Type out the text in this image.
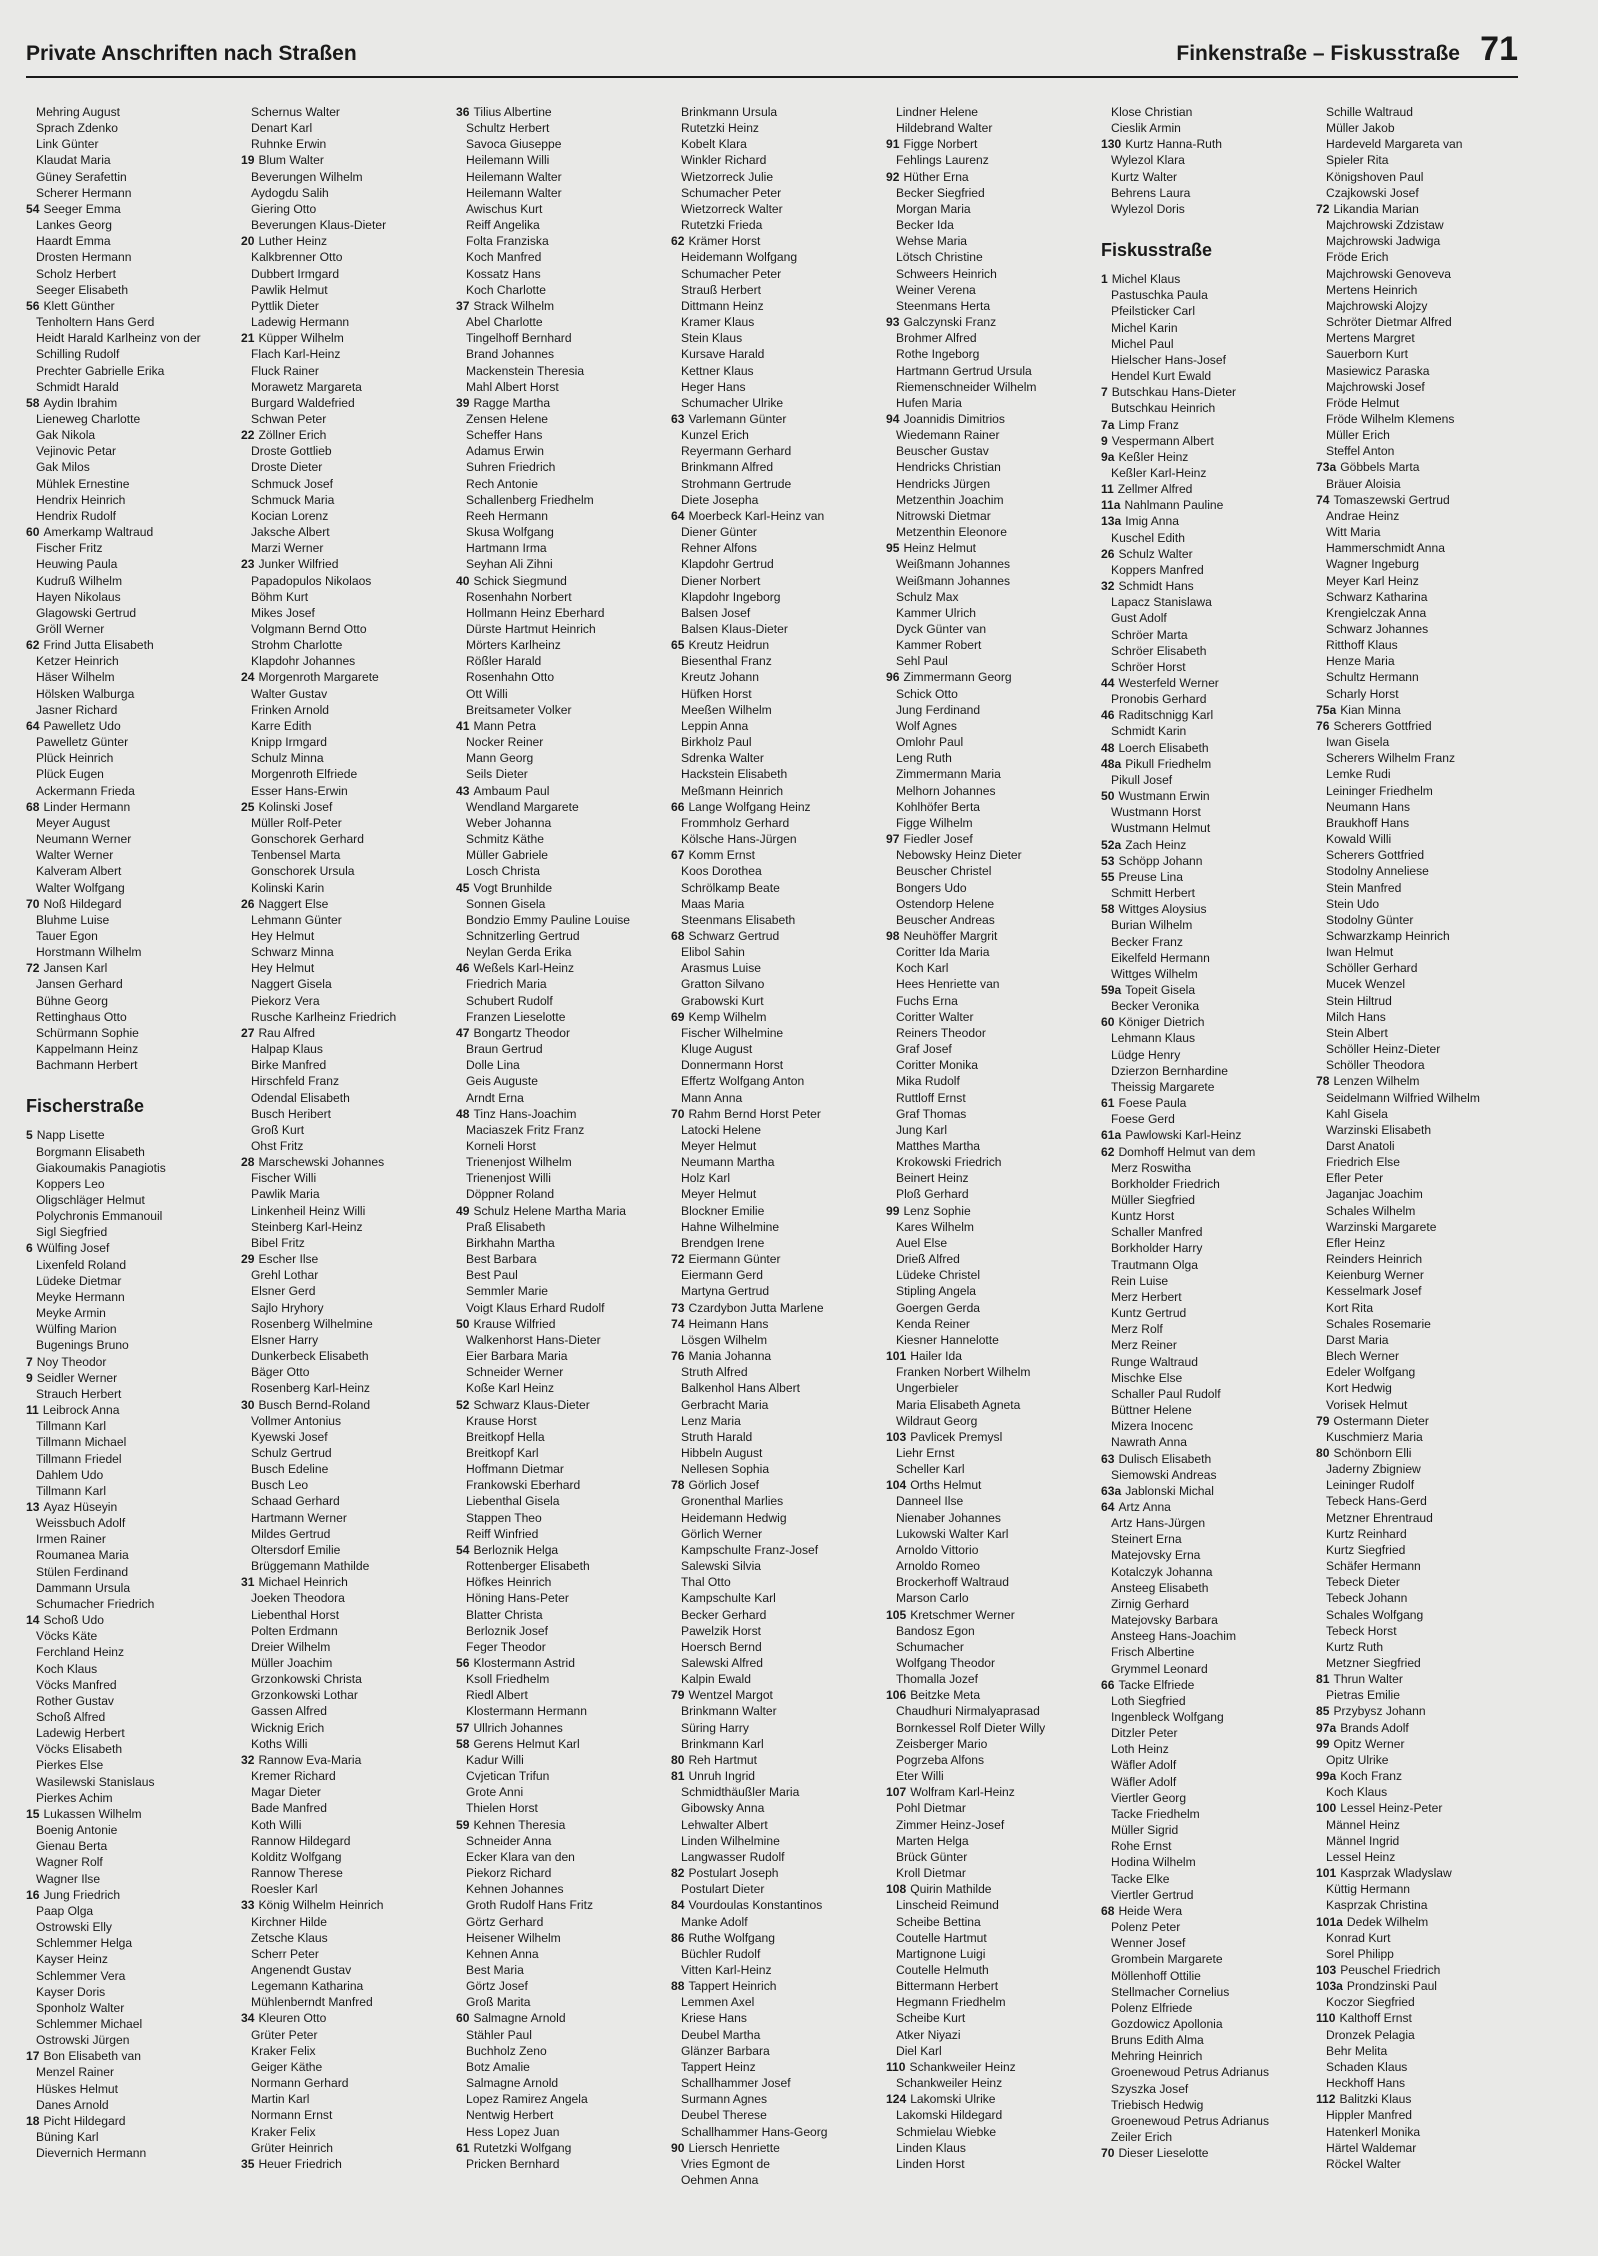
Private Anschriften nach Straßen	Finkenstraße – Fiskusstraße 71
Mehring August
Sprach Zdenko
Link Günter
Klaudat Maria
Güney Serafettin
Scherer Hermann
54 Seeger Emma
Lankes Georg
Haardt Emma
Drosten Hermann
Scholz Herbert
Seeger Elisabeth
56 Klett Günther
Tenholtern Hans Gerd
Heidt Harald Karlheinz von der
Schilling Rudolf
Prechter Gabrielle Erika
Schmidt Harald
58 Aydin Ibrahim
Lieneweg Charlotte
Gak Nikola
Vejinovic Petar
Gak Milos
Mühlek Ernestine
Hendrix Heinrich
Hendrix Rudolf
60 Amerkamp Waltraud
Fischer Fritz
Heuwing Paula
Kudruß Wilhelm
Hayen Nikolaus
Glagowski Gertrud
Gröll Werner
62 Frind Jutta Elisabeth
Ketzer Heinrich
Häser Wilhelm
Hölsken Walburga
Jasner Richard
64 Pawelletz Udo
Pawelletz Günter
Plück Heinrich
Plück Eugen
Ackermann Frieda
68 Linder Hermann
Meyer August
Neumann Werner
Walter Werner
Kalveram Albert
Walter Wolfgang
70 Noß Hildegard
Bluhme Luise
Tauer Egon
Horstmann Wilhelm
72 Jansen Karl
Jansen Gerhard
Bühne Georg
Rettinghaus Otto
Schürmann Sophie
Kappelmann Heinz
Bachmann Herbert
Fischerstraße
5 Napp Lisette
Borgmann Elisabeth
Giakoumakis Panagiotis
Koppers Leo
Oligschläger Helmut
Polychronis Emmanouil
Sigl Siegfried
6 Wülfing Josef
Lixenfeld Roland
Lüdeke Dietmar
Meyke Hermann
Meyke Armin
Wülfing Marion
Bugenings Bruno
7 Noy Theodor
9 Seidler Werner
Strauch Herbert
11 Leibrock Anna
Tillmann Karl
Tillmann Michael
Tillmann Friedel
Dahlem Udo
Tillmann Karl
13 Ayaz Hüseyin
Weissbuch Adolf
Irmen Rainer
Roumanea Maria
Stülen Ferdinand
Dammann Ursula
Schumacher Friedrich
14 Schoß Udo
Vöcks Käte
Ferchland Heinz
Koch Klaus
Vöcks Manfred
Rother Gustav
Schoß Alfred
Ladewig Herbert
Vöcks Elisabeth
Pierkes Else
Wasilewski Stanislaus
Pierkes Achim
15 Lukassen Wilhelm
Boenig Antonie
Gienau Berta
Wagner Rolf
Wagner Ilse
16 Jung Friedrich
Paap Olga
Ostrowski Elly
Schlemmer Helga
Kayser Heinz
Schlemmer Vera
Kayser Doris
Sponholz Walter
Schlemmer Michael
Ostrowski Jürgen
17 Bon Elisabeth van
Menzel Rainer
Hüskes Helmut
Danes Arnold
18 Picht Hildegard
Büning Karl
Dievernich Hermann
Schernus Walter
Denart Karl
Ruhnke Erwin
19 Blum Walter
Beverungen Wilhelm
Aydogdu Salih
Giering Otto
Beverungen Klaus-Dieter
20 Luther Heinz
Kalkbrenner Otto
Dubbert Irmgard
Pawlik Helmut
Pyttlik Dieter
Ladewig Hermann
21 Küpper Wilhelm
Flach Karl-Heinz
Fluck Rainer
Morawetz Margareta
Burgard Waldefried
Schwan Peter
22 Zöllner Erich
Droste Gottlieb
Droste Dieter
Schmuck Josef
Schmuck Maria
Kocian Lorenz
Jaksche Albert
Marzi Werner
23 Junker Wilfried
Papadopulos Nikolaos
Böhm Kurt
Mikes Josef
Volgmann Bernd Otto
Strohm Charlotte
Klapdohr Johannes
24 Morgenroth Margarete
Walter Gustav
Frinken Arnold
Karre Edith
Knipp Irmgard
Schulz Minna
Morgenroth Elfriede
Esser Hans-Erwin
25 Kolinski Josef
Müller Rolf-Peter
Gonschorek Gerhard
Tenbensel Marta
Gonschorek Ursula
Kolinski Karin
26 Naggert Else
Lehmann Günter
Hey Helmut
Schwarz Minna
Hey Helmut
Naggert Gisela
Piekorz Vera
Rusche Karlheinz Friedrich
27 Rau Alfred
Halpap Klaus
Birke Manfred
Hirschfeld Franz
Odendal Elisabeth
Busch Heribert
Groß Kurt
Ohst Fritz
28 Marschewski Johannes
Fischer Willi
Pawlik Maria
Linkenheil Heinz Willi
Steinberg Karl-Heinz
Bibel Fritz
29 Escher Ilse
Grehl Lothar
Elsner Gerd
Sajlo Hryhory
Rosenberg Wilhelmine
Elsner Harry
Dunkerbeck Elisabeth
Bäger Otto
Rosenberg Karl-Heinz
30 Busch Bernd-Roland
Vollmer Antonius
Kyewski Josef
Schulz Gertrud
Busch Edeline
Busch Leo
Schaad Gerhard
Hartmann Werner
Mildes Gertrud
Oltersdorf Emilie
Brüggemann Mathilde
31 Michael Heinrich
Joeken Theodora
Liebenthal Horst
Polten Erdmann
Dreier Wilhelm
Müller Joachim
Grzonkowski Christa
Grzonkowski Lothar
Gassen Alfred
Wicknig Erich
Koths Willi
32 Rannow Eva-Maria
Kremer Richard
Magar Dieter
Bade Manfred
Koth Willi
Rannow Hildegard
Kolditz Wolfgang
Rannow Therese
Roesler Karl
33 König Wilhelm Heinrich
Kirchner Hilde
Zetsche Klaus
Scherr Peter
Angenendt Gustav
Legemann Katharina
Mühlenberndt Manfred
34 Kleuren Otto
Grüter Peter
Kraker Felix
Geiger Käthe
Normann Gerhard
Martin Karl
Normann Ernst
Kraker Felix
Grüter Heinrich
35 Heuer Friedrich
36 Tilius Albertine
Schultz Herbert
Savoca Giuseppe
Heilemann Willi
Heilemann Walter
Heilemann Walter
Awischus Kurt
Reiff Angelika
Folta Franziska
Koch Manfred
Kossatz Hans
Koch Charlotte
37 Strack Wilhelm
Abel Charlotte
Tingelhoff Bernhard
Brand Johannes
Mackenstein Theresia
Mahl Albert Horst
39 Ragge Martha
Zensen Helene
Scheffer Hans
Adamus Erwin
Suhren Friedrich
Rech Antonie
Schallenberg Friedhelm
Reeh Hermann
Skusa Wolfgang
Hartmann Irma
Seyhan Ali Zihni
40 Schick Siegmund
Rosenhahn Norbert
Hollmann Heinz Eberhard
Dürste Hartmut Heinrich
Mörters Karlheinz
Rößler Harald
Rosenhahn Otto
Ott Willi
Breitsameter Volker
41 Mann Petra
Nocker Reiner
Mann Georg
Seils Dieter
43 Ambaum Paul
Wendland Margarete
Weber Johanna
Schmitz Käthe
Müller Gabriele
Losch Christa
45 Vogt Brunhilde
Sonnen Gisela
Bondzio Emmy Pauline Louise
Schnitzerling Gertrud
Neylan Gerda Erika
46 Weßels Karl-Heinz
Friedrich Maria
Schubert Rudolf
Franzen Lieselotte
47 Bongartz Theodor
Braun Gertrud
Dolle Lina
Geis Auguste
Arndt Erna
48 Tinz Hans-Joachim
Maciaszek Fritz Franz
Korneli Horst
Trienenjost Wilhelm
Trienenjost Willi
Döppner Roland
49 Schulz Helene Martha Maria
Praß Elisabeth
Birkhahn Martha
Best Barbara
Best Paul
Semmler Marie
Voigt Klaus Erhard Rudolf
50 Krause Wilfried
Walkenhorst Hans-Dieter
Eier Barbara Maria
Schneider Werner
Koße Karl Heinz
52 Schwarz Klaus-Dieter
Krause Horst
Breitkopf Hella
Breitkopf Karl
Hoffmann Dietmar
Frankowski Eberhard
Liebenthal Gisela
Stappen Theo
Reiff Winfried
54 Berloznik Helga
Rottenberger Elisabeth
Höfkes Heinrich
Höning Hans-Peter
Blatter Christa
Berloznik Josef
Feger Theodor
56 Klostermann Astrid
Ksoll Friedhelm
Riedl Albert
Klostermann Hermann
57 Ullrich Johannes
58 Gerens Helmut Karl
Kadur Willi
Cvjetican Trifun
Grote Anni
Thielen Horst
59 Kehnen Theresia
Schneider Anna
Ecker Klara van den
Piekorz Richard
Kehnen Johannes
Groth Rudolf Hans Fritz
Görtz Gerhard
Heisener Wilhelm
Kehnen Anna
Best Maria
Görtz Josef
Groß Marita
60 Salmagne Arnold
Stähler Paul
Buchholz Zeno
Botz Amalie
Salmagne Arnold
Lopez Ramirez Angela
Nentwig Herbert
Hess Lopez Juan
61 Rutetzki Wolfgang
Pricken Bernhard
Brinkmann Ursula
Rutetzki Heinz
Kobelt Klara
Winkler Richard
Wietzorreck Julie
Schumacher Peter
Wietzorreck Walter
Rutetzki Frieda
62 Krämer Horst
Heidemann Wolfgang
Schumacher Peter
Strauß Herbert
Dittmann Heinz
Kramer Klaus
Stein Klaus
Kursave Harald
Kettner Klaus
Heger Hans
Schumacher Ulrike
63 Varlemann Günter
Kunzel Erich
Reyermann Gerhard
Brinkmann Alfred
Strohmann Gertrude
Diete Josepha
64 Moerbeck Karl-Heinz van
Diener Günter
Rehner Alfons
Klapdohr Gertrud
Diener Norbert
Klapdohr Ingeborg
Balsen Josef
Balsen Klaus-Dieter
65 Kreutz Heidrun
Biesenthal Franz
Kreutz Johann
Hüfken Horst
Meeßen Wilhelm
Leppin Anna
Birkholz Paul
Sdrenka Walter
Hackstein Elisabeth
Meßmann Heinrich
66 Lange Wolfgang Heinz
Frommholz Gerhard
Kölsche Hans-Jürgen
67 Komm Ernst
Koos Dorothea
Schrölkamp Beate
Maas Maria
Steenmans Elisabeth
68 Schwarz Gertrud
Elibol Sahin
Arasmus Luise
Gratton Silvano
Grabowski Kurt
69 Kemp Wilhelm
Fischer Wilhelmine
Kluge August
Donnermann Horst
Effertz Wolfgang Anton
Mann Anna
70 Rahm Bernd Horst Peter
Latocki Helene
Meyer Helmut
Neumann Martha
Holz Karl
Meyer Helmut
Blockner Emilie
Hahne Wilhelmine
Brendgen Irene
72 Eiermann Günter
Eiermann Gerd
Martyna Gertrud
73 Czardybon Jutta Marlene
74 Heimann Hans
Lösgen Wilhelm
76 Mania Johanna
Struth Alfred
Balkenhol Hans Albert
Gerbracht Maria
Lenz Maria
Struth Harald
Hibbeln August
Nellesen Sophia
78 Görlich Josef
Gronenthal Marlies
Heidemann Hedwig
Görlich Werner
Kampschulte Franz-Josef
Salewski Silvia
Thal Otto
Kampschulte Karl
Becker Gerhard
Pawelzik Horst
Hoersch Bernd
Salewski Alfred
Kalpin Ewald
79 Wentzel Margot
Brinkmann Walter
Süring Harry
Brinkmann Karl
80 Reh Hartmut
81 Unruh Ingrid
Schmidthäußler Maria
Gibowsky Anna
Lehwalter Albert
Linden Wilhelmine
Langwasser Rudolf
82 Postulart Joseph
Postulart Dieter
84 Vourdoulas Konstantinos
Manke Adolf
86 Ruthe Wolfgang
Büchler Rudolf
Vitten Karl-Heinz
88 Tappert Heinrich
Lemmen Axel
Kriese Hans
Deubel Martha
Glänzer Barbara
Tappert Heinz
Schallhammer Josef
Surmann Agnes
Deubel Therese
Schallhammer Hans-Georg
90 Liersch Henriette
Vries Egmont de
Oehmen Anna
Lindner Helene
Hildebrand Walter
91 Figge Norbert
Fehlings Laurenz
92 Hüther Erna
Becker Siegfried
Morgan Maria
Becker Ida
Wehse Maria
Lötsch Christine
Schweers Heinrich
Weiner Verena
Steenmans Herta
93 Galczynski Franz
Brohmer Alfred
Rothe Ingeborg
Hartmann Gertrud Ursula
Riemenschneider Wilhelm
Hufen Maria
94 Joannidis Dimitrios
Wiedemann Rainer
Beuscher Gustav
Hendricks Christian
Hendricks Jürgen
Metzenthin Joachim
Nitrowski Dietmar
Metzenthin Eleonore
95 Heinz Helmut
Weißmann Johannes
Weißmann Johannes
Schulz Max
Kammer Ulrich
Dyck Günter van
Kammer Robert
Sehl Paul
96 Zimmermann Georg
Schick Otto
Jung Ferdinand
Wolf Agnes
Omlohr Paul
Leng Ruth
Zimmermann Maria
Melhorn Johannes
Kohlhöfer Berta
Figge Wilhelm
97 Fiedler Josef
Nebowsky Heinz Dieter
Beuscher Christel
Bongers Udo
Ostendorp Helene
Beuscher Andreas
98 Neuhöffer Margrit
Coritter Ida Maria
Koch Karl
Hees Henriette van
Fuchs Erna
Coritter Walter
Reiners Theodor
Graf Josef
Coritter Monika
Mika Rudolf
Ruttloff Ernst
Graf Thomas
Jung Karl
Matthes Martha
Krokowski Friedrich
Beinert Heinz
Ploß Gerhard
99 Lenz Sophie
Kares Wilhelm
Auel Else
Drieß Alfred
Lüdeke Christel
Stipling Angela
Goergen Gerda
Kenda Reiner
Kiesner Hannelotte
101 Hailer Ida
Franken Norbert Wilhelm
Ungerbieler
Maria Elisabeth Agneta
Wildraut Georg
103 Pavlicek Premysl
Liehr Ernst
Scheller Karl
104 Orths Helmut
Danneel Ilse
Nienaber Johannes
Lukowski Walter Karl
Arnoldo Vittorio
Arnoldo Romeo
Brockerhoff Waltraud
Marson Carlo
105 Kretschmer Werner
Bandosz Egon
Schumacher
Wolfgang Theodor
Thomalla Jozef
106 Beitzke Meta
Chaudhuri Nirmalyaprasad
Bornkessel Rolf Dieter Willy
Zeisberger Mario
Pogrzeba Alfons
Eter Willi
107 Wolfram Karl-Heinz
Pohl Dietmar
Zimmer Heinz-Josef
Marten Helga
Brück Günter
Kroll Dietmar
108 Quirin Mathilde
Linscheid Reimund
Scheibe Bettina
Coutelle Hartmut
Martignone Luigi
Coutelle Helmuth
Bittermann Herbert
Hegmann Friedhelm
Scheibe Kurt
Atker Niyazi
Diel Karl
110 Schankweiler Heinz
Schankweiler Heinz
124 Lakomski Ulrike
Lakomski Hildegard
Schmielau Wiebke
Linden Klaus
Linden Horst
Klose Christian
Cieslik Armin
130 Kurtz Hanna-Ruth
Wylezol Klara
Kurtz Walter
Behrens Laura
Wylezol Doris
Fiskusstraße
1 Michel Klaus
Pastuschka Paula
Pfeilsticker Carl
Michel Karin
Michel Paul
Hielscher Hans-Josef
Hendel Kurt Ewald
7 Butschkau Hans-Dieter
Butschkau Heinrich
7a Limp Franz
9 Vespermann Albert
9a Keßler Heinz
Keßler Karl-Heinz
11 Zellmer Alfred
11a Nahlmann Pauline
13a Imig Anna
Kuschel Edith
26 Schulz Walter
Koppers Manfred
32 Schmidt Hans
Lapacz Stanislawa
Gust Adolf
Schröer Marta
Schröer Elisabeth
Schröer Horst
44 Westerfeld Werner
Pronobis Gerhard
46 Raditschnigg Karl
Schmidt Karin
48 Loerch Elisabeth
48a Pikull Friedhelm
Pikull Josef
50 Wustmann Erwin
Wustmann Horst
Wustmann Helmut
52a Zach Heinz
53 Schöpp Johann
55 Preuse Lina
Schmitt Herbert
58 Wittges Aloysius
Burian Wilhelm
Becker Franz
Eikelfeld Hermann
Wittges Wilhelm
59a Topeit Gisela
Becker Veronika
60 Königer Dietrich
Lehmann Klaus
Lüdge Henry
Dzierzon Bernhardine
Theissig Margarete
61 Foese Paula
Foese Gerd
61a Pawlowski Karl-Heinz
62 Domhoff Helmut van dem
Merz Roswitha
Borkholder Friedrich
Müller Siegfried
Kuntz Horst
Schaller Manfred
Borkholder Harry
Trautmann Olga
Rein Luise
Merz Herbert
Kuntz Gertrud
Merz Rolf
Merz Reiner
Runge Waltraud
Mischke Else
Schaller Paul Rudolf
Büttner Helene
Mizera Inocenc
Nawrath Anna
63 Dulisch Elisabeth
Siemowski Andreas
63a Jablonski Michal
64 Artz Anna
Artz Hans-Jürgen
Steinert Erna
Matejovsky Erna
Kotalczyk Johanna
Ansteeg Elisabeth
Zirnig Gerhard
Matejovsky Barbara
Ansteeg Hans-Joachim
Frisch Albertine
Grymmel Leonard
66 Tacke Elfriede
Loth Siegfried
Ingenbleck Wolfgang
Ditzler Peter
Loth Heinz
Wäfler Adolf
Wäfler Adolf
Viertler Georg
Tacke Friedhelm
Müller Sigrid
Rohe Ernst
Hodina Wilhelm
Tacke Elke
Viertler Gertrud
68 Heide Wera
Polenz Peter
Wenner Josef
Grombein Margarete
Möllenhoff Ottilie
Stellmacher Cornelius
Polenz Elfriede
Gozdowicz Apollonia
Bruns Edith Alma
Mehring Heinrich
Groenewoud Petrus Adrianus
Szyszka Josef
Triebisch Hedwig
Groenewoud Petrus Adrianus
Zeiler Erich
70 Dieser Lieselotte
Schille Waltraud
Müller Jakob
Hardeveld Margareta van
Spieler Rita
Königshoven Paul
Czajkowski Josef
72 Likandia Marian
Majchrowski Zdzistaw
Majchrowski Jadwiga
Fröde Erich
Majchrowski Genoveva
Mertens Heinrich
Majchrowski Alojzy
Schröter Dietmar Alfred
Mertens Margret
Sauerborn Kurt
Masiewicz Paraska
Majchrowski Josef
Fröde Helmut
Fröde Wilhelm Klemens
Müller Erich
Steffel Anton
73a Göbbels Marta
Bräuer Aloisia
74 Tomaszewski Gertrud
Andrae Heinz
Witt Maria
Hammerschmidt Anna
Wagner Ingeburg
Meyer Karl Heinz
Schwarz Katharina
Krengielczak Anna
Schwarz Johannes
Ritthoff Klaus
Henze Maria
Schultz Hermann
Scharly Horst
75a Kian Minna
76 Scherers Gottfried
Iwan Gisela
Scherers Wilhelm Franz
Lemke Rudi
Leininger Friedhelm
Neumann Hans
Braukhoff Hans
Kowald Willi
Scherers Gottfried
Stodolny Anneliese
Stein Manfred
Stein Udo
Stodolny Günter
Schwarzkamp Heinrich
Iwan Helmut
Schöller Gerhard
Mucek Wenzel
Stein Hiltrud
Milch Hans
Stein Albert
Schöller Heinz-Dieter
Schöller Theodora
78 Lenzen Wilhelm
Seidelmann Wilfried Wilhelm
Kahl Gisela
Warzinski Elisabeth
Darst Anatoli
Friedrich Else
Efler Peter
Jaganjac Joachim
Schales Wilhelm
Warzinski Margarete
Efler Heinz
Reinders Heinrich
Keienburg Werner
Kesselmark Josef
Kort Rita
Schales Rosemarie
Darst Maria
Blech Werner
Edeler Wolfgang
Kort Hedwig
Vorisek Helmut
79 Ostermann Dieter
Kuschmierz Maria
80 Schönborn Elli
Jaderny Zbigniew
Leininger Rudolf
Tebeck Hans-Gerd
Metzner Ehrentraud
Kurtz Reinhard
Kurtz Siegfried
Schäfer Hermann
Tebeck Dieter
Tebeck Johann
Schales Wolfgang
Tebeck Horst
Kurtz Ruth
Metzner Siegfried
81 Thrun Walter
Pietras Emilie
85 Przybysz Johann
97a Brands Adolf
99 Opitz Werner
Opitz Ulrike
99a Koch Franz
Koch Klaus
100 Lessel Heinz-Peter
Männel Heinz
Männel Ingrid
Lessel Heinz
101 Kasprzak Wladyslaw
Küttig Hermann
Kasprzak Christina
101a Dedek Wilhelm
Konrad Kurt
Sorel Philipp
103 Peuschel Friedrich
103a Prondzinski Paul
Koczor Siegfried
110 Kalthoff Ernst
Dronzek Pelagia
Behr Melita
Schaden Klaus
Heckhoff Hans
112 Balitzki Klaus
Hippler Manfred
Hatenkerl Monika
Härtel Waldemar
Röckel Walter
